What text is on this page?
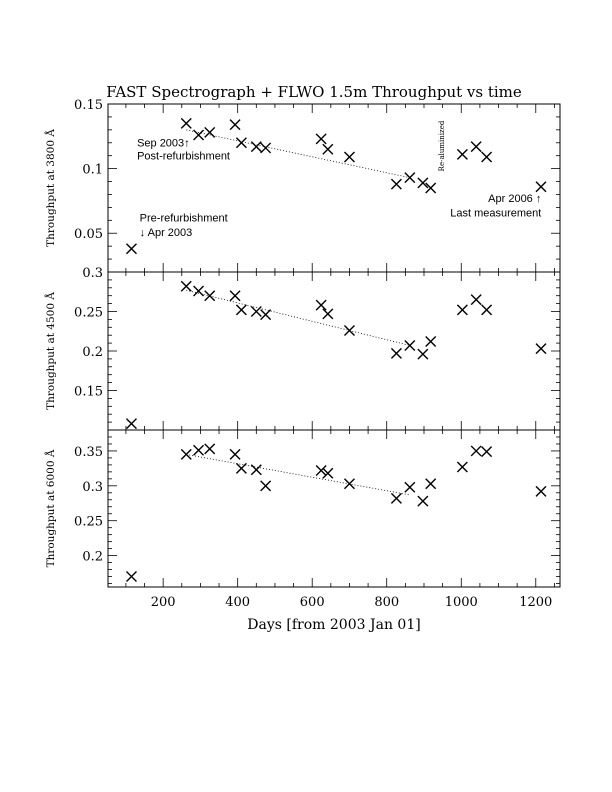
FAST Spectrograph + FLWO 1.5m Throughput vs time
0.05
0.1
0.15
Throughput at 3800 Å	Sep 2003↑
Post-refurbishment
Pre-refurbishment
↓ Apr 2003
Apr 2006 ↑
Last measurement
Re-aluminized
0.15
0.2
0.25
0.3
Throughput at 4500 Å
0.2
0.25
0.3
0.35
Throughput at 6000 Å
200	400	600	800	1000	1200
Days [from 2003 Jan 01]
